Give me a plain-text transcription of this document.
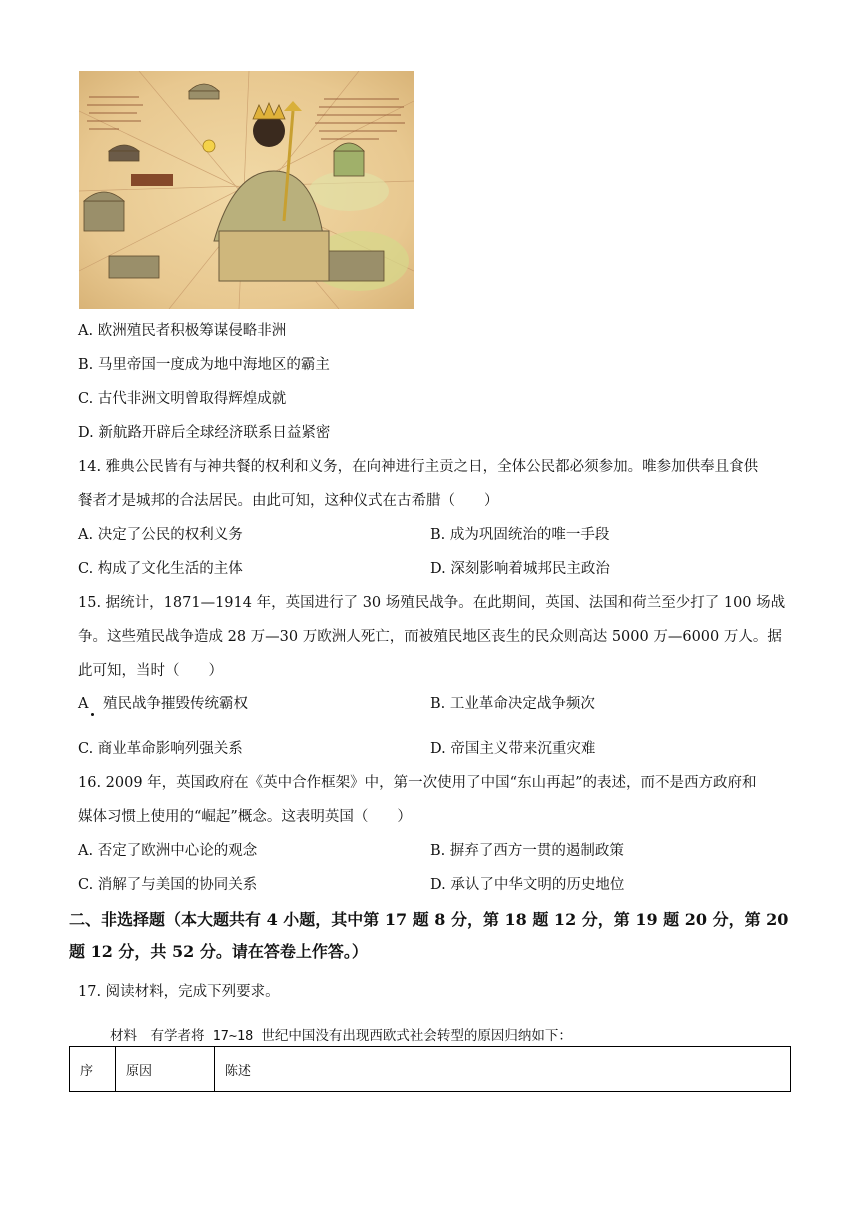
A. 欧洲殖民者积极筹谋侵略非洲
B. 马里帝国一度成为地中海地区的霸主
C. 古代非洲文明曾取得辉煌成就
D. 新航路开辟后全球经济联系日益紧密
14. 雅典公民皆有与神共餐的权利和义务，在向神进行主贡之日，全体公民都必须参加。唯参加供奉且食供
餐者才是城邦的合法居民。由此可知，这种仪式在古希腊（　　）
A. 决定了公民的权利义务	B. 成为巩固统治的唯一手段
C. 构成了文化生活的主体	D. 深刻影响着城邦民主政治
15. 据统计，1871—1914 年，英国进行了 30 场殖民战争。在此期间，英国、法国和荷兰至少打了 100 场战
争。这些殖民战争造成 28 万—30 万欧洲人死亡，而被殖民地区丧生的民众则高达 5000 万—6000 万人。据
此可知，当时（　　）
A　殖民战争摧毁传统霸权	B. 工业革命决定战争频次
C. 商业革命影响列强关系	D. 帝国主义带来沉重灾难
16. 2009 年，英国政府在《英中合作框架》中，第一次使用了中国“东山再起”的表述，而不是西方政府和
媒体习惯上使用的“崛起”概念。这表明英国（　　）
A. 否定了欧洲中心论的观念	B. 摒弃了西方一贯的遏制政策
C. 消解了与美国的协同关系	D. 承认了中华文明的历史地位
二、非选择题（本大题共有 4 小题，其中第 17 题 8 分，第 18 题 12 分，第 19 题 20 分，第 20
题 12 分，共 52 分。请在答卷上作答。）
17. 阅读材料，完成下列要求。
材料　有学者将 17~18 世纪中国没有出现西欧式社会转型的原因归纳如下：
序	原因	陈述
